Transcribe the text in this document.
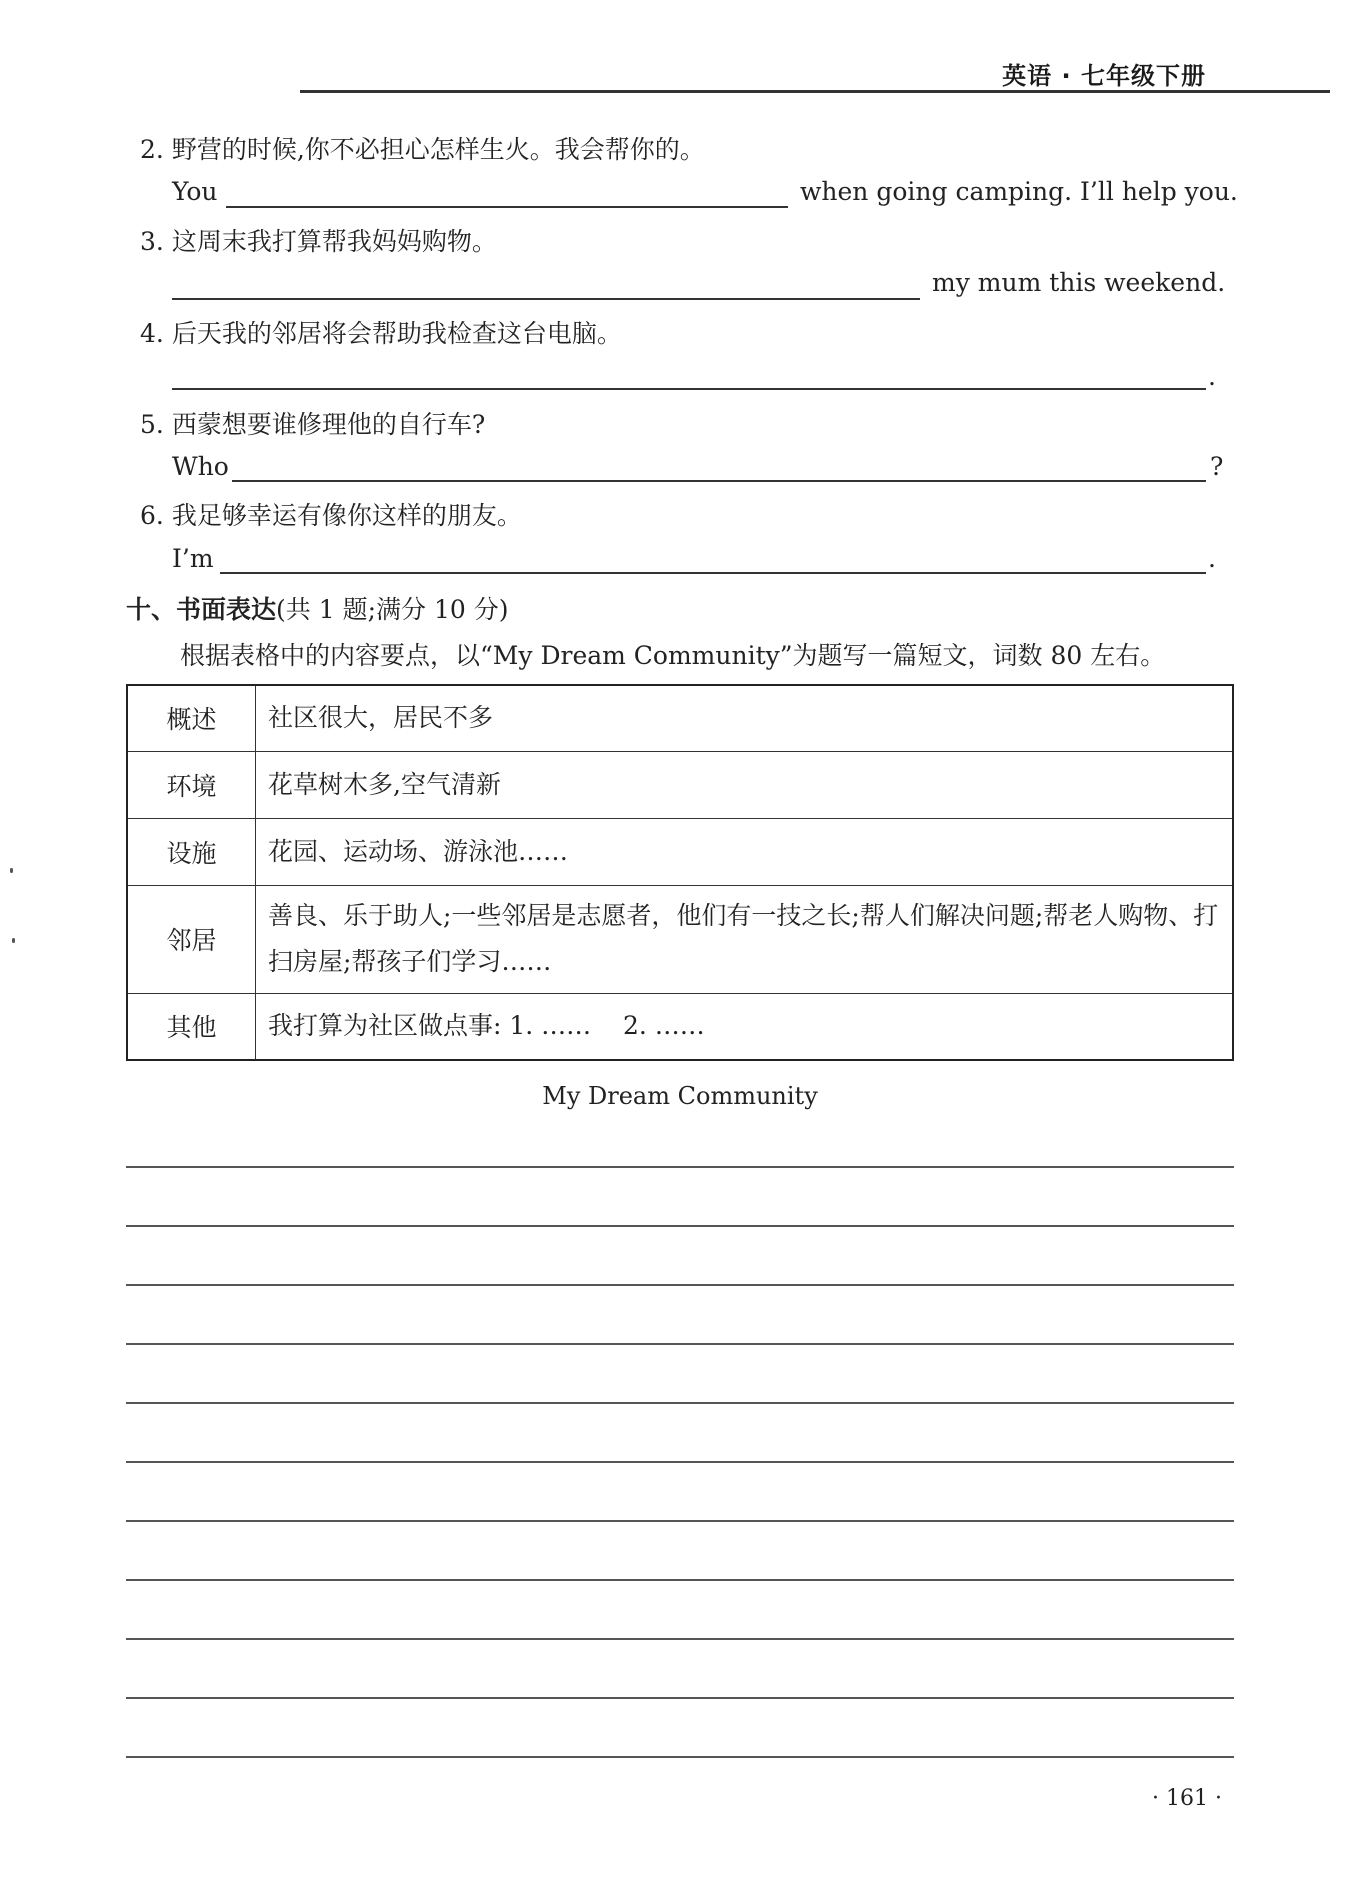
英语 · 七年级下册
2. 野营的时候,你不必担心怎样生火。我会帮你的。
You	when going camping. I’ll help you.
3. 这周末我打算帮我妈妈购物。
my mum this weekend.
4. 后天我的邻居将会帮助我检查这台电脑。
.
5. 西蒙想要谁修理他的自行车?
Who	?
6. 我足够幸运有像你这样的朋友。
I’m	.
十、书面表达(共 1 题;满分 10 分)
根据表格中的内容要点，以“My Dream Community”为题写一篇短文，词数 80 左右。
概述	社区很大，居民不多
环境	花草树木多,空气清新
设施	花园、运动场、游泳池……
邻居	善良、乐于助人;一些邻居是志愿者，他们有一技之长;帮人们解决问题;帮老人购物、打扫房屋;帮孩子们学习……
其他	我打算为社区做点事: 1. ……    2. ……
My Dream Community
· 161 ·
